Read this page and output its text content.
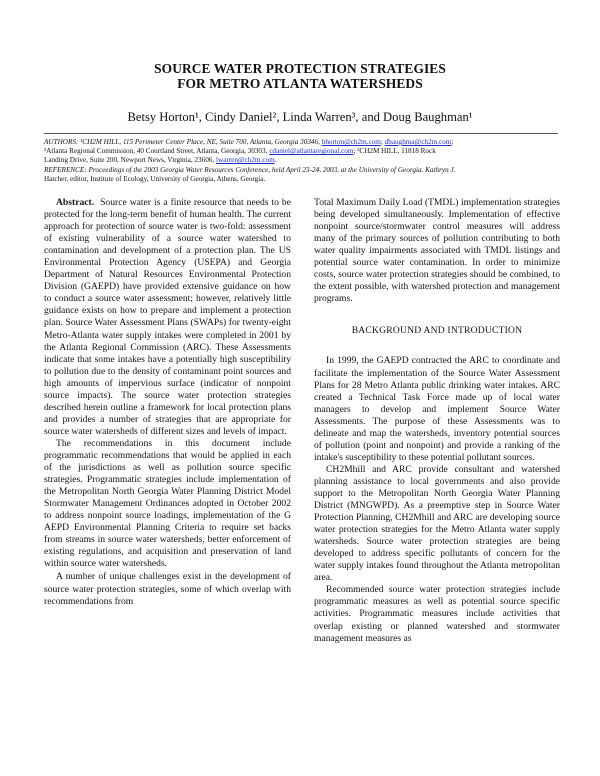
SOURCE WATER PROTECTION STRATEGIES
FOR METRO ATLANTA WATERSHEDS
Betsy Horton¹, Cindy Daniel², Linda Warren³, and Doug Baughman¹
AUTHORS: ¹CH2M HILL, 115 Perimeter Center Place, NE, Suite 700, Atlanta, Georgia 30346, bhorton@ch2m.com; dbaughma@ch2m.com;
²Atlanta Regional Commission, 40 Courtland Street, Atlanta, Georgia, 30303, cdaniel@atlantaregional.com; ³CH2M HILL, 11818 Rock
Landing Drive, Suite 200, Newport News, Virginia, 23606, lwarren@ch2m.com.
REFERENCE: Proceedings of the 2003 Georgia Water Resources Conference, held April 23-24, 2003, at the University of Georgia. Kathryn J.
Hatcher, editor, Institute of Ecology, University of Georgia, Athens, Georgia.

Abstract. Source water is a finite resource that needs to be protected for the long-term benefit of human health. The current approach for protection of source water is two-fold: assessment of existing vulnerability of a source water watershed to contamination and development of a protection plan. The US Environmental Protection Agency (USEPA) and Georgia Department of Natural Resources Environmental Protection Division (GAEPD) have provided extensive guidance on how to conduct a source water assessment; however, relatively little guidance exists on how to prepare and implement a protection plan. Source Water Assessment Plans (SWAPs) for twenty-eight Metro-Atlanta water supply intakes were completed in 2001 by the Atlanta Regional Commission (ARC). These Assessments indicate that some intakes have a potentially high susceptibility to pollution due to the density of contaminant point sources and high amounts of impervious surface (indicator of nonpoint source impacts). The source water protection strategies described herein outline a framework for local protection plans and provides a number of strategies that are appropriate for source water watersheds of different sizes and levels of impact.

The recommendations in this document include programmatic recommendations that would be applied in each of the jurisdictions as well as pollution source specific strategies. Programmatic strategies include implementation of the Metropolitan North Georgia Water Planning District Model Stormwater Management Ordinances adopted in October 2002 to address nonpoint source loadings, implementation of the G AEPD Environmental Planning Criteria to require set backs from streams in source water watersheds, better enforcement of existing regulations, and acquisition and preservation of land within source water watersheds.

A number of unique challenges exist in the development of source water protection strategies, some of which overlap with recommendations from

Total Maximum Daily Load (TMDL) implementation strategies being developed simultaneously. Implementation of effective nonpoint source/stormwater control measures will address many of the primary sources of pollution contributing to both water quality impairments associated with TMDL listings and potential source water contamination. In order to minimize costs, source water protection strategies should be combined, to the extent possible, with watershed protection and management programs.

BACKGROUND AND INTRODUCTION

In 1999, the GAEPD contracted the ARC to coordinate and facilitate the implementation of the Source Water Assessment Plans for 28 Metro Atlanta public drinking water intakes. ARC created a Technical Task Force made up of local water managers to develop and implement Source Water Assessments. The purpose of these Assessments was to delineate and map the watersheds, inventory potential sources of pollution (point and nonpoint) and provide a ranking of the intake's susceptibility to these potential pollutant sources.

CH2Mhill and ARC provide consultant and watershed planning assistance to local governments and also provide support to the Metropolitan North Georgia Water Planning District (MNGWPD). As a preemptive step in Source Water Protection Planning, CH2Mhill and ARC are developing source water protection strategies for the Metro Atlanta water supply watersheds. Source water protection strategies are being developed to address specific pollutants of concern for the water supply intakes found throughout the Atlanta metropolitan area.

Recommended source water protection strategies include programmatic measures as well as potential source specific activities. Programmatic measures include activities that overlap existing or planned watershed and stormwater management measures as
